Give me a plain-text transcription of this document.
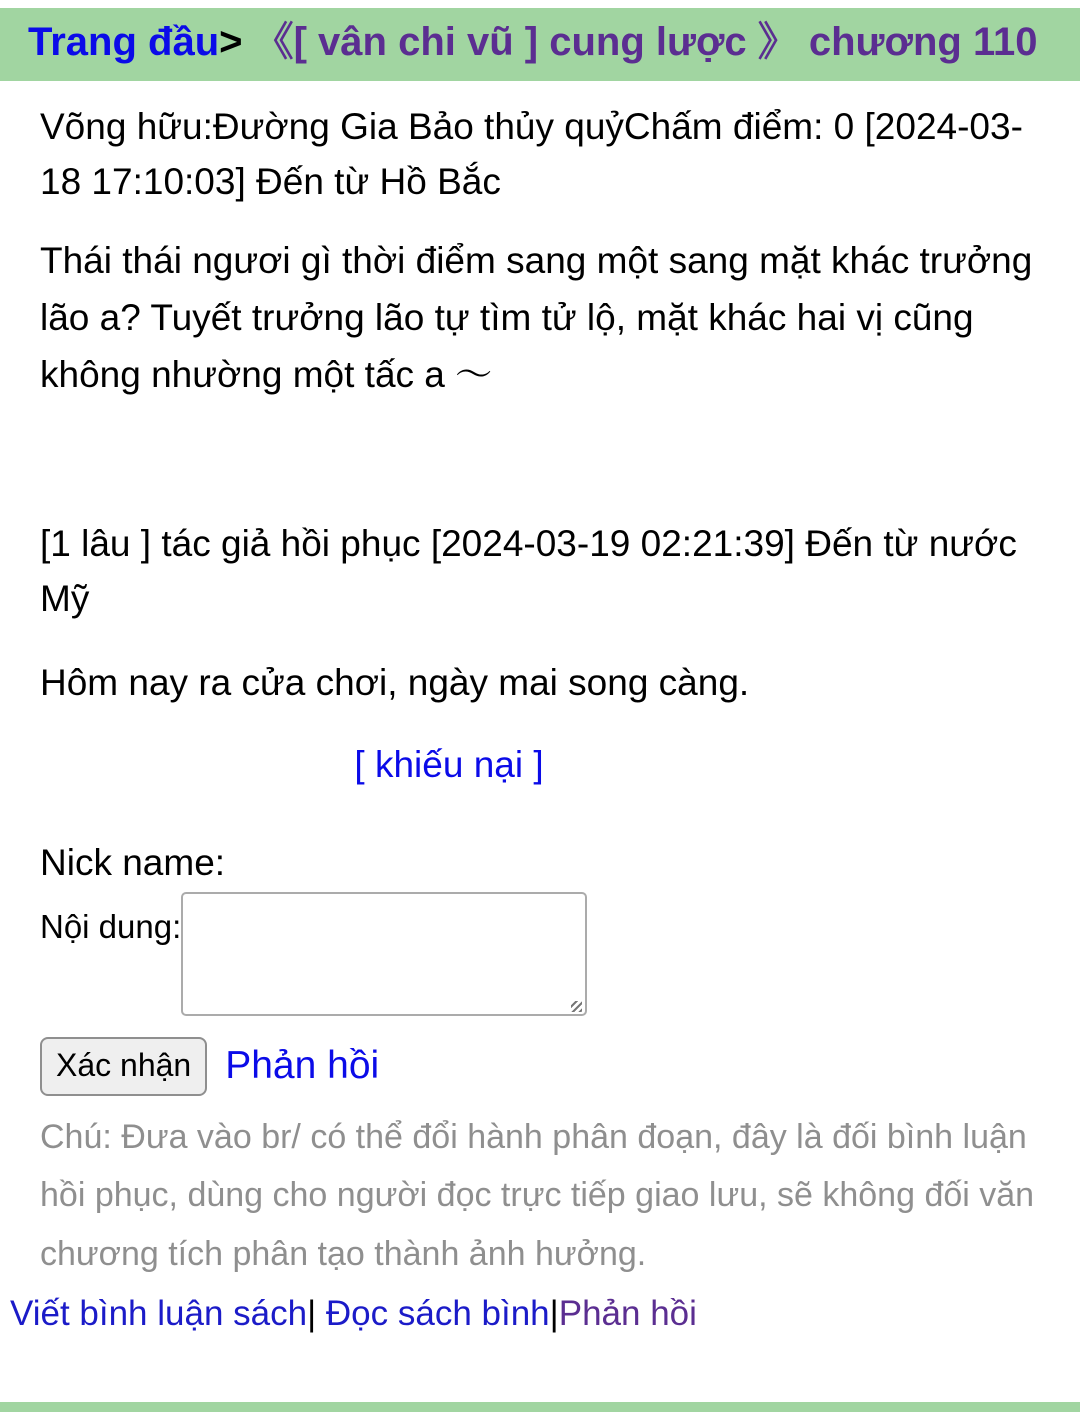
Trang đầu> 《[ vân chi vũ ] cung lược 》 chương 110

Võng hữu:Đường Gia Bảo thủy quỷChấm điểm: 0 [2024-03-18 17:10:03] Đến từ Hồ Bắc

Thái thái ngươi gì thời điểm sang một sang mặt khác trưởng lão a? Tuyết trưởng lão tự tìm tử lộ, mặt khác hai vị cũng không nhường một tấc a ～

[1 lâu ] tác giả hồi phục [2024-03-19 02:21:39] Đến từ nước Mỹ

Hôm nay ra cửa chơi, ngày mai song càng.

[ khiếu nại ]
Nick name:
Nội dung:
Xác nhận Phản hồi

Chú: Đưa vào br/ có thể đổi hành phân đoạn, đây là đối bình luận hồi phục, dùng cho người đọc trực tiếp giao lưu, sẽ không đối văn chương tích phân tạo thành ảnh hưởng.

Viết bình luận sách| Đọc sách bình|Phản hồi
